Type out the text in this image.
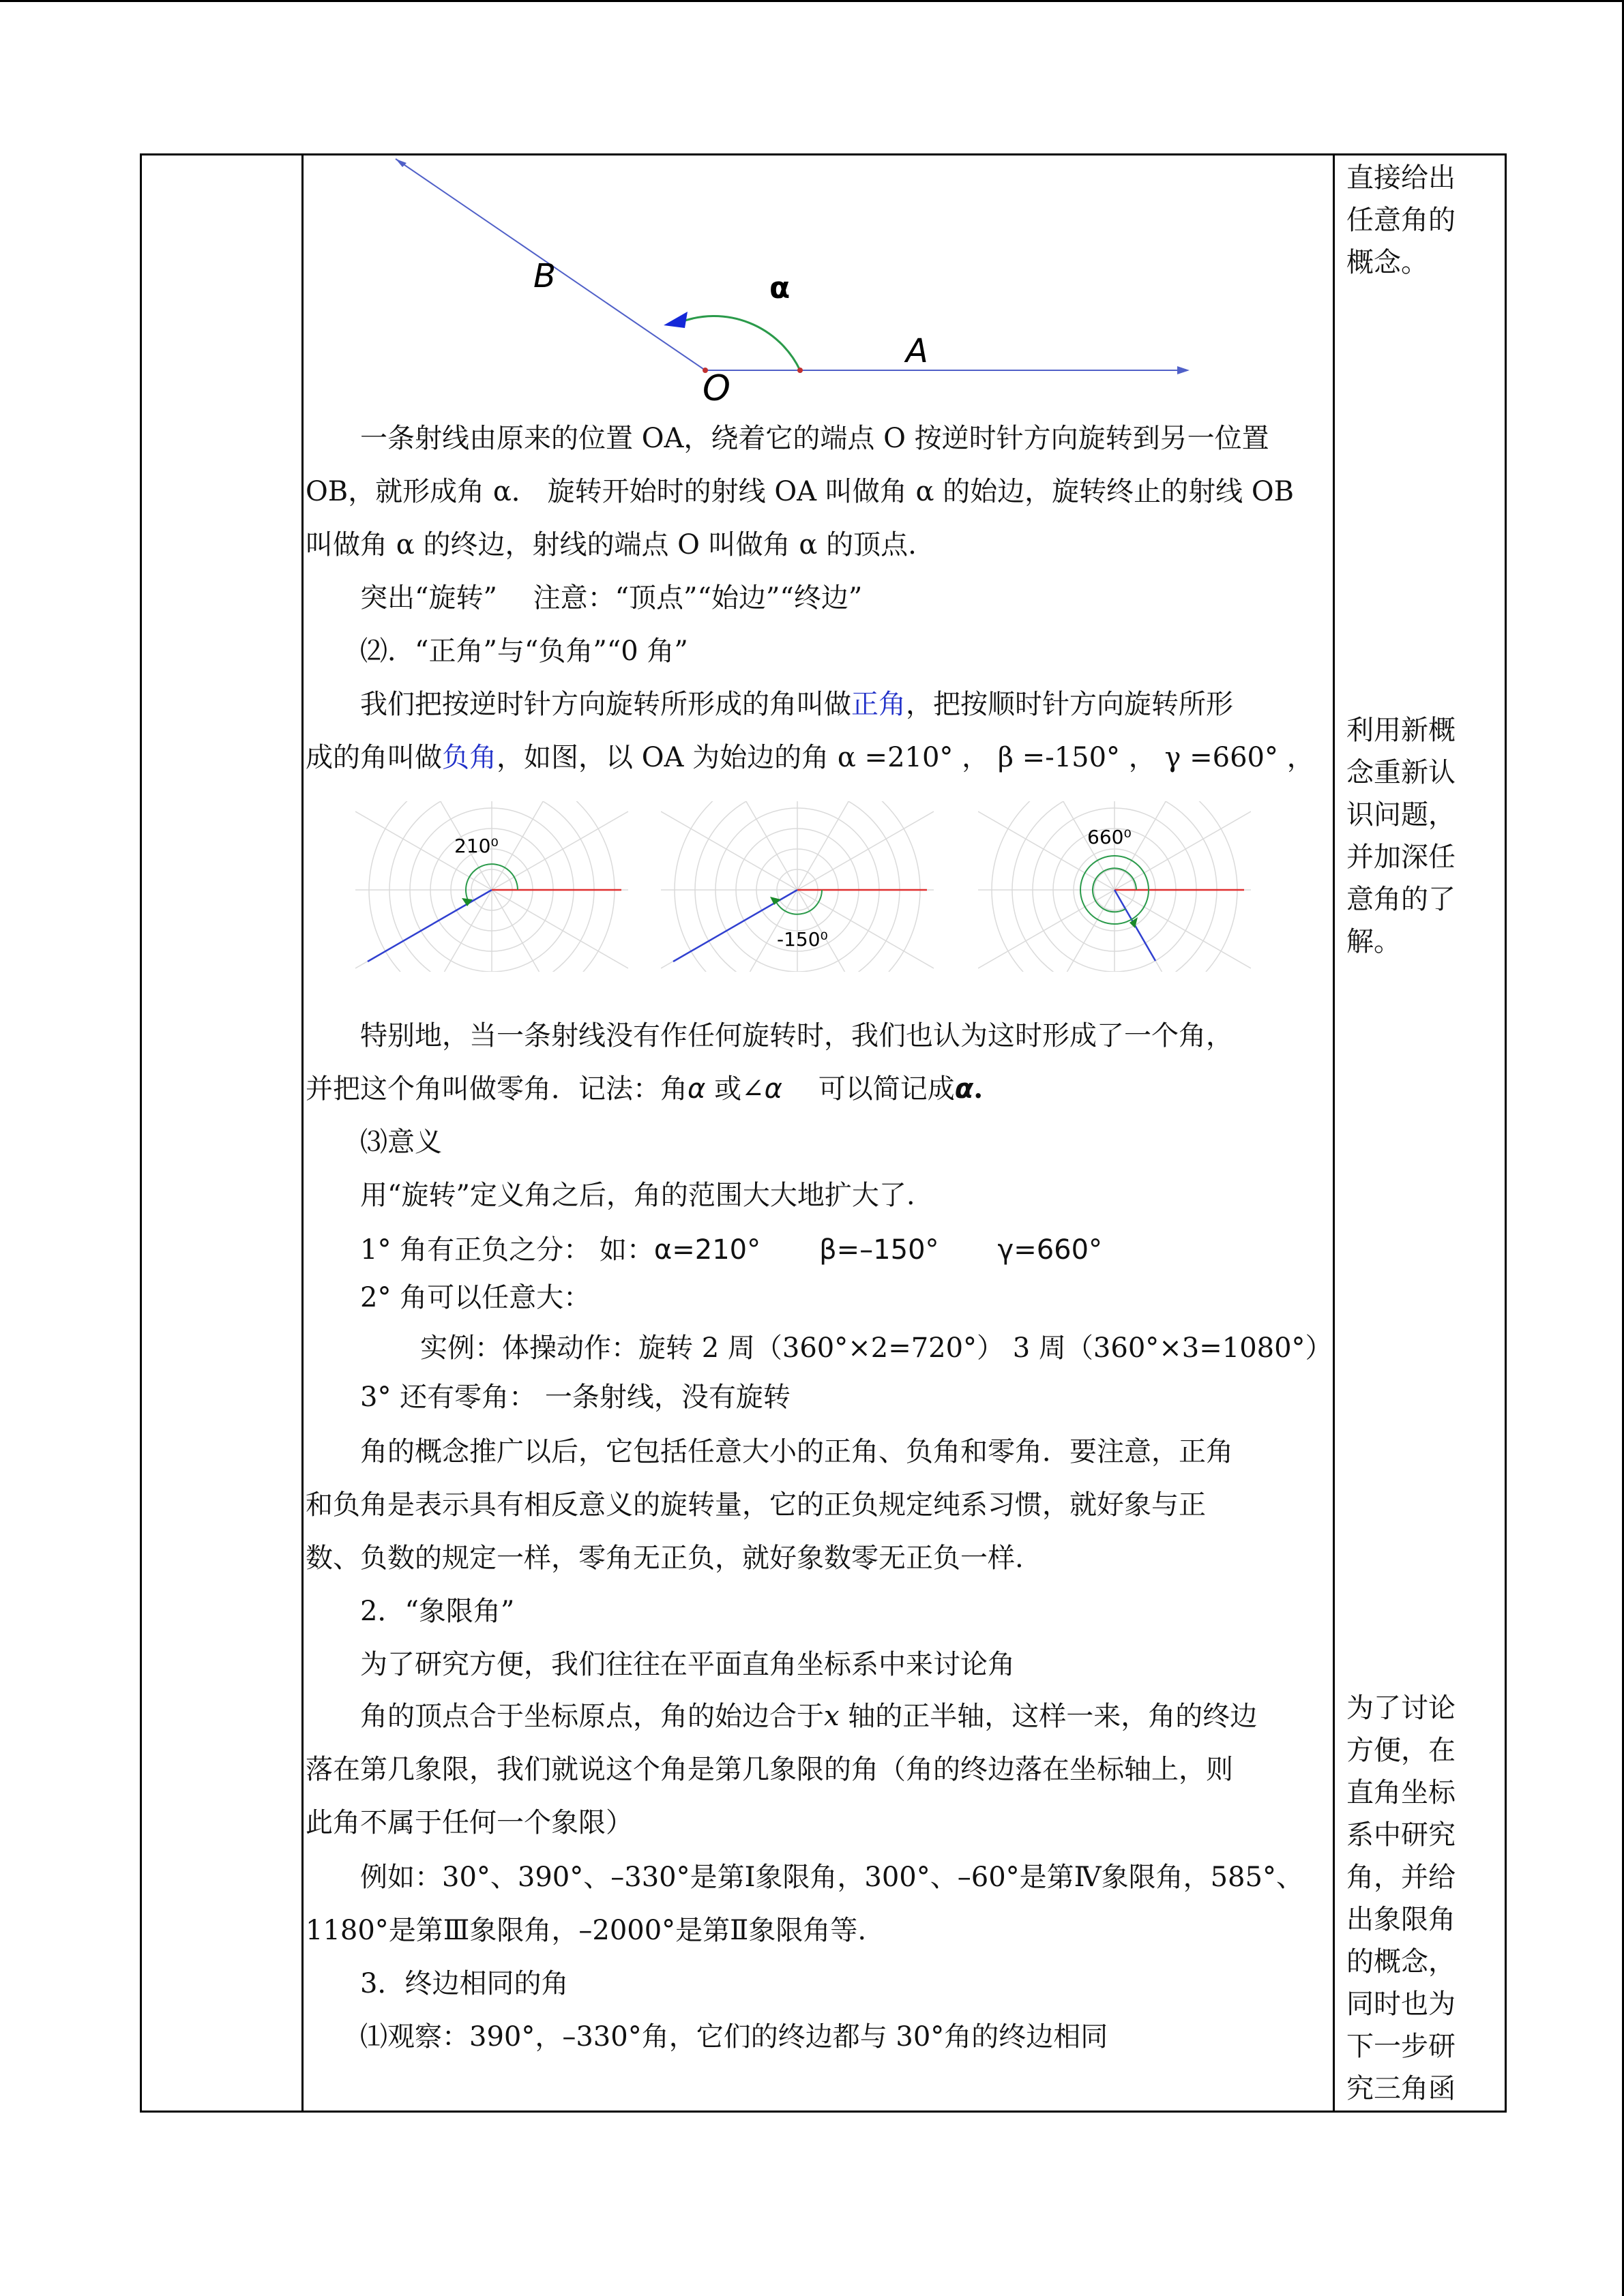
B	α
A
O
一条射线由原来的位置 OA，绕着它的端点 O 按逆时针方向旋转到另一位置
OB，就形成角 α． 旋转开始时的射线 OA 叫做角 α 的始边，旋转终止的射线 OB
叫做角 α 的终边，射线的端点 O 叫做角 α 的顶点.
突出“旋转”　 注意：“顶点”“始边”“终边”
⑵．“正角”与“负角”“0 角”
我们把按逆时针方向旋转所形成的角叫做正角，把按顺时针方向旋转所形
成的角叫做负角，如图，以 OA 为始边的角 α =210° ， β =-150° ， γ =660° ，
210⁰
-150⁰
660⁰
特别地，当一条射线没有作任何旋转时，我们也认为这时形成了一个角，
并把这个角叫做零角．记法：角α 或∠α　 可以简记成α.
⑶意义
用“旋转”定义角之后，角的范围大大地扩大了.
1° 角有正负之分： 如：α=210° β=–150° γ=660°
2° 角可以任意大：
实例：体操动作：旋转 2 周（360°×2=720°） 3 周（360°×3=1080°）
3° 还有零角： 一条射线，没有旋转
角的概念推广以后，它包括任意大小的正角、负角和零角．要注意，正角
和负角是表示具有相反意义的旋转量，它的正负规定纯系习惯，就好象与正
数、负数的规定一样，零角无正负，就好象数零无正负一样.
2．“象限角”
为了研究方便，我们往往在平面直角坐标系中来讨论角
角的顶点合于坐标原点，角的始边合于x 轴的正半轴，这样一来，角的终边
落在第几象限，我们就说这个角是第几象限的角（角的终边落在坐标轴上，则
此角不属于任何一个象限）
例如：30°、390°、–330°是第Ⅰ象限角，300°、–60°是第Ⅳ象限角，585°、
1180°是第Ⅲ象限角，–2000°是第Ⅱ象限角等.
3．终边相同的角
⑴观察：390°，–330°角，它们的终边都与 30°角的终边相同
直接给出
任意角的
概念。
利用新概
念重新认
识问题，
并加深任
意角的了
解。
为了讨论
方便，在
直角坐标
系中研究
角，并给
出象限角
的概念，
同时也为
下一步研
究三角函
